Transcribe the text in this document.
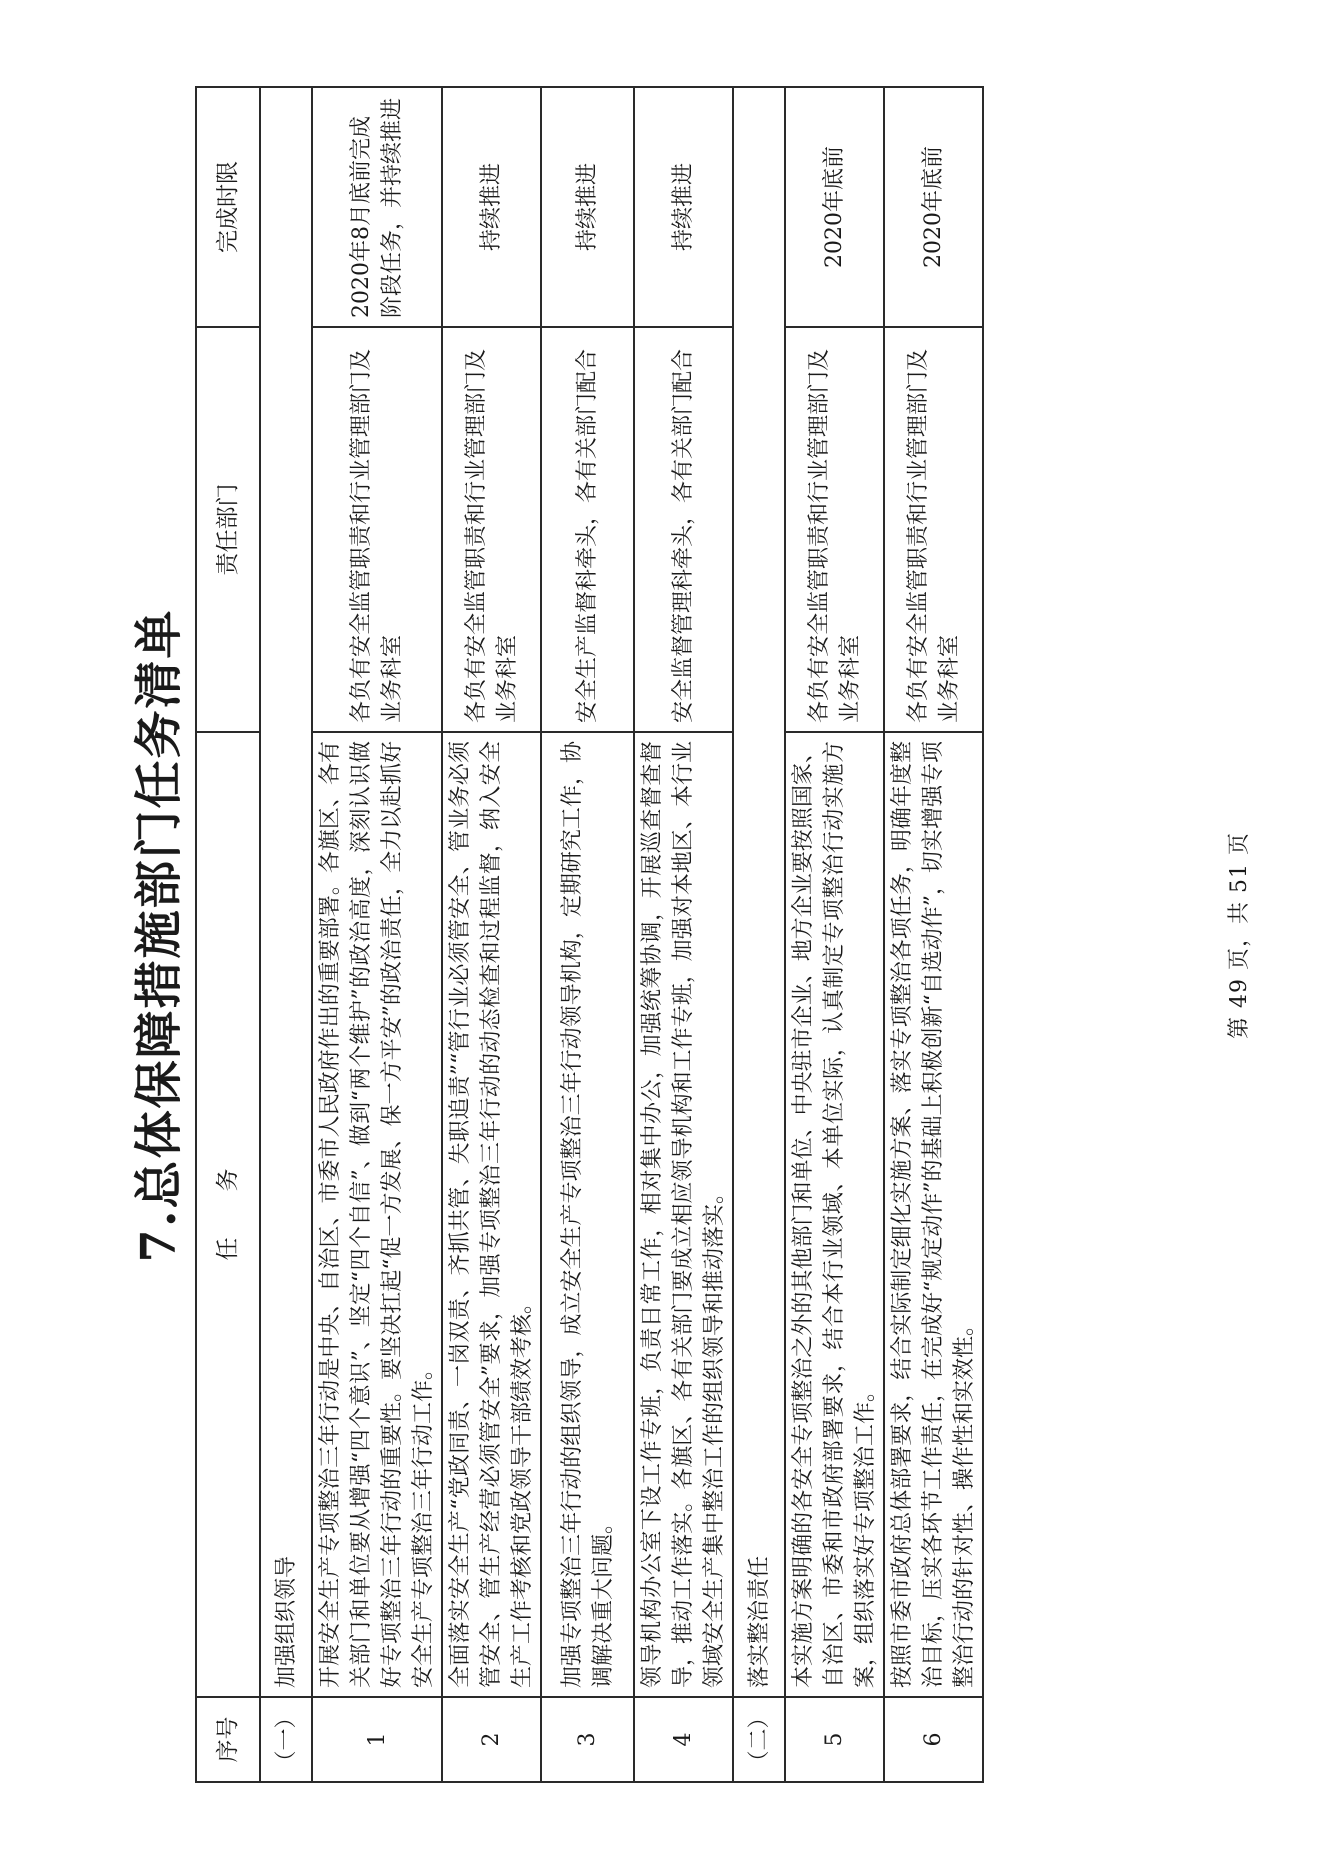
7.总体保障措施部门任务清单
序号	任　　务	责任部门	完成时限
（一）	加强组织领导		
1	开展安全生产专项整治三年行动是中央、自治区、市委市人民政府作出的重要部署。各旗区、各有关部门和单位要从增强“四个意识”、坚定“四个自信”、做到“两个维护”的政治高度，深刻认识做好专项整治三年行动的重要性。要坚决扛起“促一方发展、保一方平安”的政治责任，全力以赴抓好安全生产专项整治三年行动工作。	各负有安全监管职责和行业管理部门及业务科室	2020年8月底前完成阶段任务，并持续推进
2	全面落实安全生产“党政同责、一岗双责、齐抓共管、失职追责”“管行业必须管安全、管业务必须管安全、管生产经营必须管安全”要求，加强专项整治三年行动的动态检查和过程监督，纳入安全生产工作考核和党政领导干部绩效考核。	各负有安全监管职责和行业管理部门及业务科室	持续推进
3	加强专项整治三年行动的组织领导，成立安全生产专项整治三年行动领导机构，定期研究工作，协调解决重大问题。	安全生产监督科牵头，各有关部门配合	持续推进
4	领导机构办公室下设工作专班，负责日常工作，相对集中办公，加强统筹协调，开展巡查督查督导，推动工作落实。各旗区、各有关部门要成立相应领导机构和工作专班，加强对本地区、本行业领域安全生产集中整治工作的组织领导和推动落实。	安全监督管理科牵头，各有关部门配合	持续推进
（二）	落实整治责任		
5	本实施方案明确的各安全专项整治之外的其他部门和单位、中央驻市企业、地方企业要按照国家、自治区、市委和市政府部署要求，结合本行业领域、本单位实际，认真制定专项整治行动实施方案，组织落实好专项整治工作。	各负有安全监管职责和行业管理部门及业务科室	2020年底前
6	按照市委市政府总体部署要求，结合实际制定细化实施方案、落实专项整治各项任务，明确年度整治目标，压实各环节工作责任，在完成好“规定动作”的基础上积极创新“自选动作”，切实增强专项整治行动的针对性、操作性和实效性。	各负有安全监管职责和行业管理部门及业务科室	2020年底前
第 49 页，共 51 页
